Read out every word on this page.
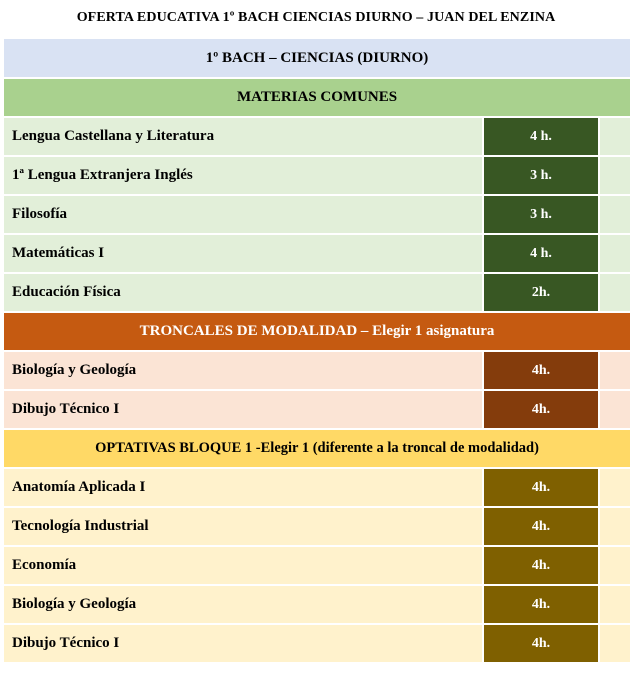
OFERTA EDUCATIVA 1º BACH CIENCIAS DIURNO – JUAN DEL ENZINA
1º BACH – CIENCIAS (DIURNO)		
MATERIAS COMUNES		
Lengua Castellana y Literatura	4 h.	
1ª Lengua Extranjera Inglés	3 h.	
Filosofía	3 h.	
Matemáticas I	4 h.	
Educación Física	2h.	
TRONCALES DE MODALIDAD – Elegir 1 asignatura		
Biología y Geología	4h.	
Dibujo Técnico I	4h.	
OPTATIVAS BLOQUE 1 -Elegir 1 (diferente a la troncal de modalidad)		
Anatomía Aplicada I	4h.	
Tecnología Industrial	4h.	
Economía	4h.	
Biología y Geología	4h.	
Dibujo Técnico I	4h.	
